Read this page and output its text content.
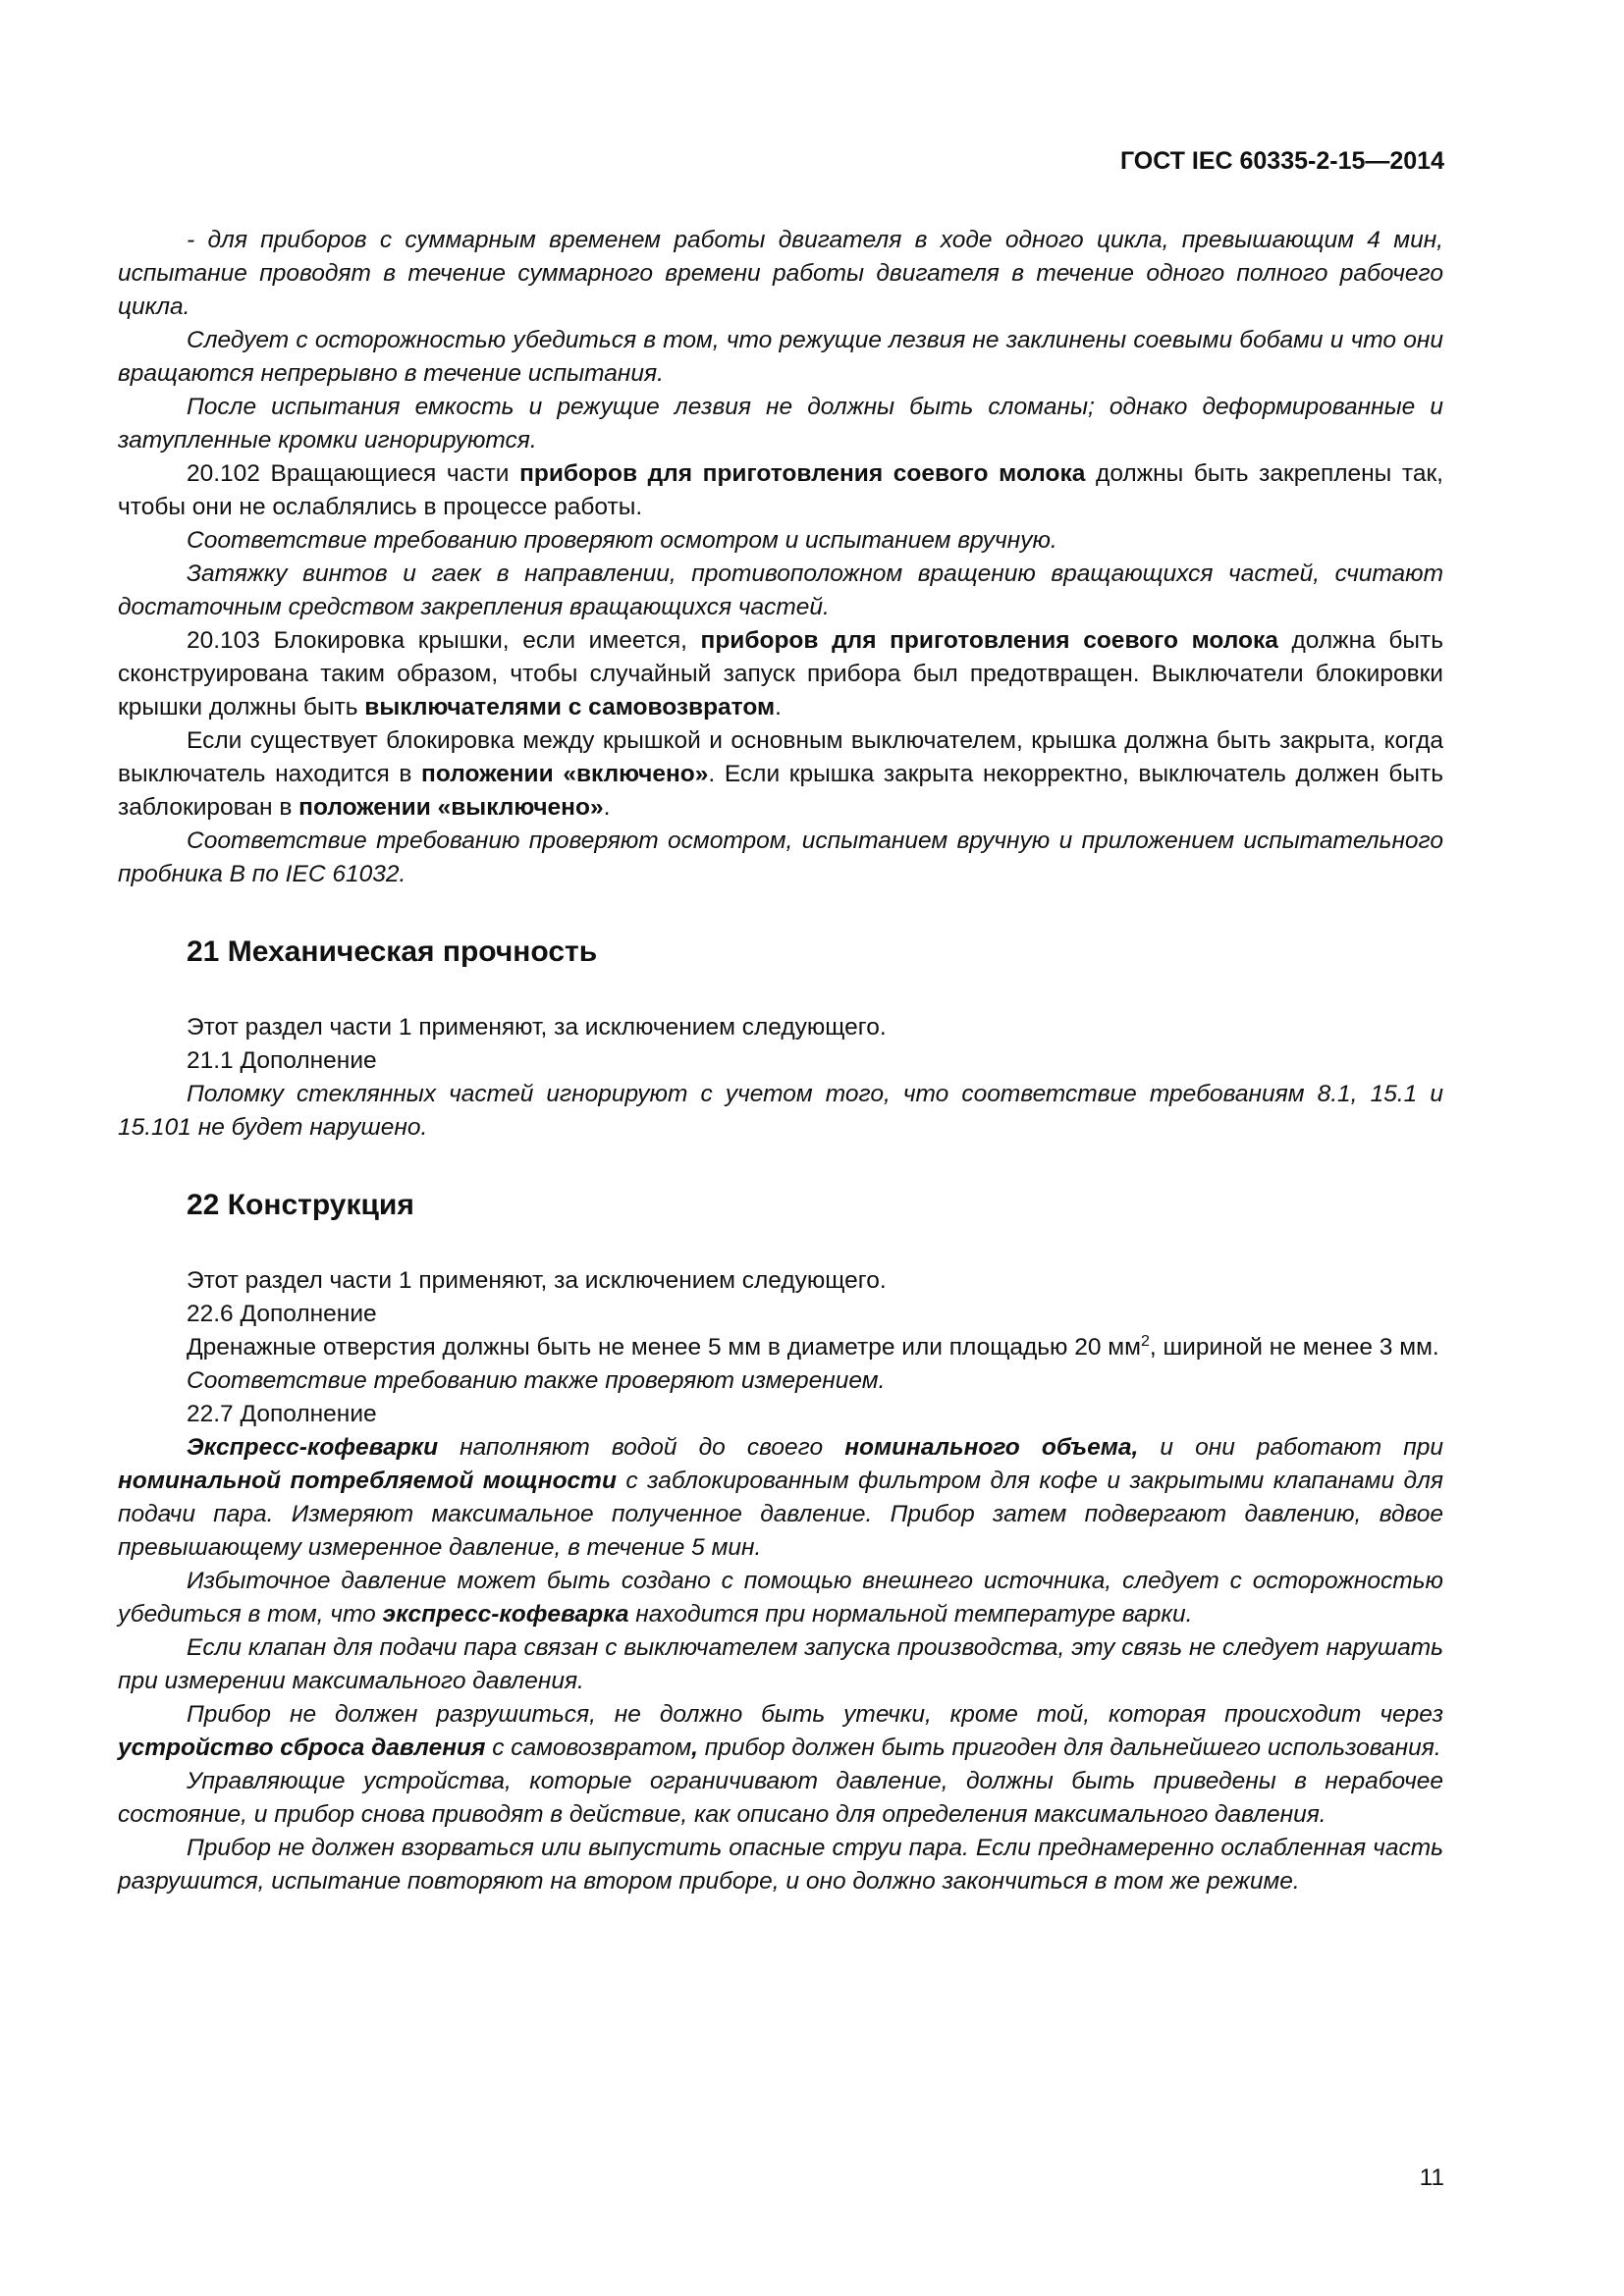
ГОСТ IEC 60335-2-15—2014

- для приборов с суммарным временем работы двигателя в ходе одного цикла, превышающим 4 мин, испытание проводят в течение суммарного времени работы двигателя в течение одного полного рабочего цикла.

Следует с осторожностью убедиться в том, что режущие лезвия не заклинены соевыми бобами и что они вращаются непрерывно в течение испытания.

После испытания емкость и режущие лезвия не должны быть сломаны; однако деформированные и затупленные кромки игнорируются.

20.102 Вращающиеся части приборов для приготовления соевого молока должны быть закреплены так, чтобы они не ослаблялись в процессе работы.

Соответствие требованию проверяют осмотром и испытанием вручную.

Затяжку винтов и гаек в направлении, противоположном вращению вращающихся частей, считают достаточным средством закрепления вращающихся частей.

20.103 Блокировка крышки, если имеется, приборов для приготовления соевого молока должна быть сконструирована таким образом, чтобы случайный запуск прибора был предотвращен. Выключатели блокировки крышки должны быть выключателями с самовозвратом.

Если существует блокировка между крышкой и основным выключателем, крышка должна быть закрыта, когда выключатель находится в положении «включено». Если крышка закрыта некорректно, выключатель должен быть заблокирован в положении «выключено».

Соответствие требованию проверяют осмотром, испытанием вручную и приложением испытательного пробника B по IEC 61032.

21 Механическая прочность

Этот раздел части 1 применяют, за исключением следующего.

21.1 Дополнение

Поломку стеклянных частей игнорируют с учетом того, что соответствие требованиям 8.1, 15.1 и 15.101 не будет нарушено.

22 Конструкция

Этот раздел части 1 применяют, за исключением следующего.

22.6 Дополнение

Дренажные отверстия должны быть не менее 5 мм в диаметре или площадью 20 $мм^2$, шириной не менее 3 мм.

Соответствие требованию также проверяют измерением.

22.7 Дополнение

Экспресс-кофеварки наполняют водой до своего номинального объема, и они работают при номинальной потребляемой мощности с заблокированным фильтром для кофе и закрытыми клапанами для подачи пара. Измеряют максимальное полученное давление. Прибор затем подвергают давлению, вдвое превышающему измеренное давление, в течение 5 мин.

Избыточное давление может быть создано с помощью внешнего источника, следует с осторожностью убедиться в том, что экспресс-кофеварка находится при нормальной температуре варки.

Если клапан для подачи пара связан с выключателем запуска производства, эту связь не следует нарушать при измерении максимального давления.

Прибор не должен разрушиться, не должно быть утечки, кроме той, которая происходит через устройство сброса давления с самовозвратом, прибор должен быть пригоден для дальнейшего использования.

Управляющие устройства, которые ограничивают давление, должны быть приведены в нерабочее состояние, и прибор снова приводят в действие, как описано для определения максимального давления.

Прибор не должен взорваться или выпустить опасные струи пара. Если преднамеренно ослабленная часть разрушится, испытание повторяют на втором приборе, и оно должно закончиться в том же режиме.

11
